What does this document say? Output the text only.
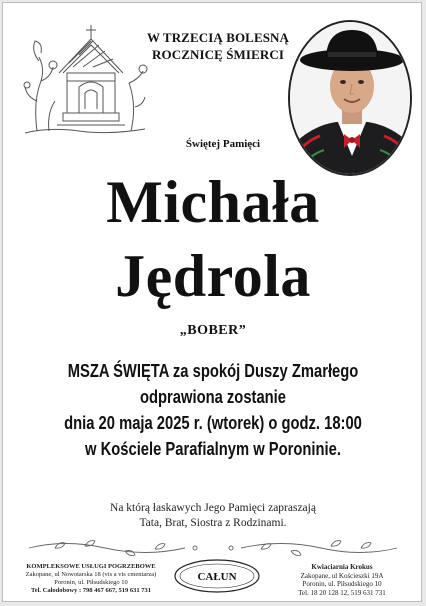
W TRZECIĄ BOLESNĄ
ROCZNICĘ ŚMIERCI
Świętej Pamięci
Michała
Jędrola
„BOBER”
MSZA ŚWIĘTA za spokój Duszy Zmarłego
odprawiona zostanie
dnia 20 maja 2025 r. (wtorek) o godz. 18:00
w Kościele Parafialnym w Poroninie.
Na którą łaskawych Jego Pamięci zapraszają
Tata, Brat, Siostra z Rodzinami.
KOMPLEKSOWE USŁUGI POGRZEBOWE
Zakopane, ul Nowotarska 18 (vis a vis cmentarza)
Poronin, ul. Piłsudskiego 10
Tel. Całodobowy : 798 467 667, 519 631 731
CAŁUN
Kwiaciarnia Krokus
Zakopane, ul Kościeszki 19A
Poronin, ul. Piłsudskiego 10
Tel. 18 20 128 12, 519 631 731
